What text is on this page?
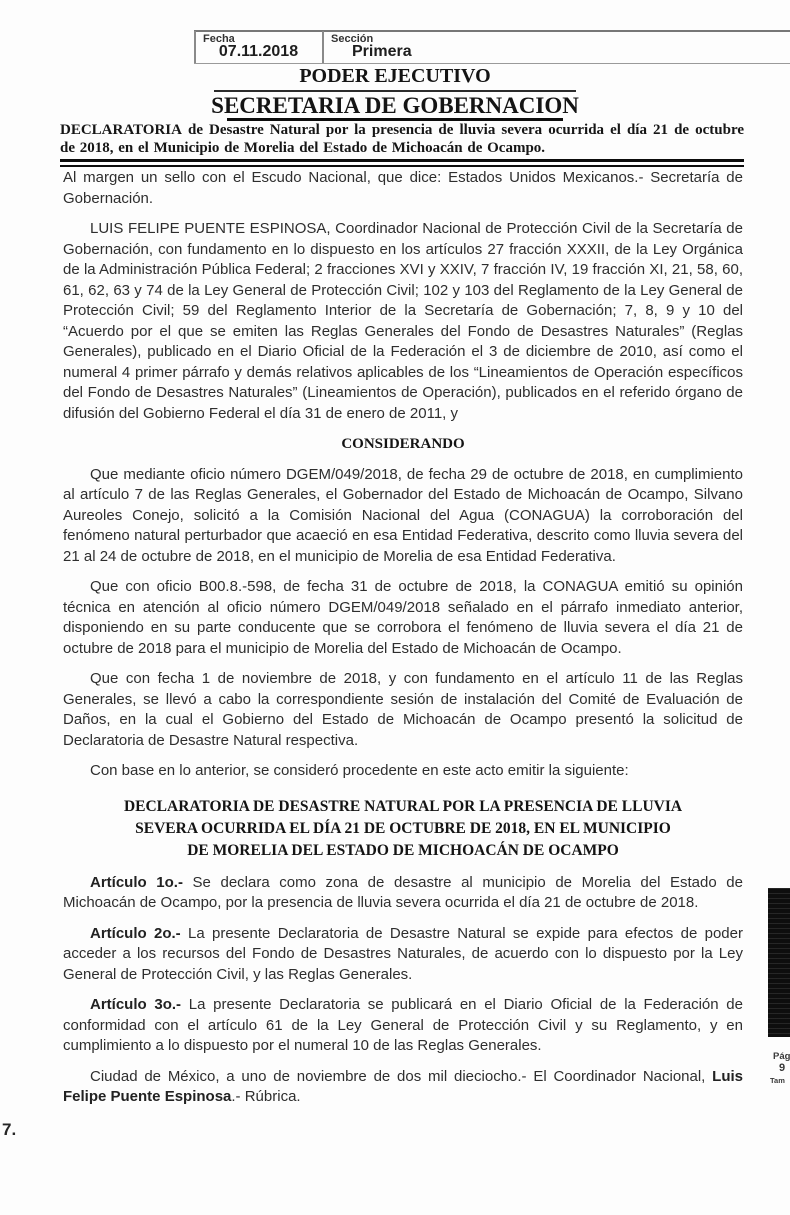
Fecha
07.11.2018
Sección
Primera
PODER EJECUTIVO
SECRETARIA DE GOBERNACION
DECLARATORIA de Desastre Natural por la presencia de lluvia severa ocurrida el día 21 de octubre de 2018, en el Municipio de Morelia del Estado de Michoacán de Ocampo.

Al margen un sello con el Escudo Nacional, que dice: Estados Unidos Mexicanos.- Secretaría de Gobernación.

LUIS FELIPE PUENTE ESPINOSA, Coordinador Nacional de Protección Civil de la Secretaría de Gobernación, con fundamento en lo dispuesto en los artículos 27 fracción XXXII, de la Ley Orgánica de la Administración Pública Federal; 2 fracciones XVI y XXIV, 7 fracción IV, 19 fracción XI, 21, 58, 60, 61, 62, 63 y 74 de la Ley General de Protección Civil; 102 y 103 del Reglamento de la Ley General de Protección Civil; 59 del Reglamento Interior de la Secretaría de Gobernación; 7, 8, 9 y 10 del “Acuerdo por el que se emiten las Reglas Generales del Fondo de Desastres Naturales” (Reglas Generales), publicado en el Diario Oficial de la Federación el 3 de diciembre de 2010, así como el numeral 4 primer párrafo y demás relativos aplicables de los “Lineamientos de Operación específicos del Fondo de Desastres Naturales” (Lineamientos de Operación), publicados en el referido órgano de difusión del Gobierno Federal el día 31 de enero de 2011, y

CONSIDERANDO

Que mediante oficio número DGEM/049/2018, de fecha 29 de octubre de 2018, en cumplimiento al artículo 7 de las Reglas Generales, el Gobernador del Estado de Michoacán de Ocampo, Silvano Aureoles Conejo, solicitó a la Comisión Nacional del Agua (CONAGUA) la corroboración del fenómeno natural perturbador que acaeció en esa Entidad Federativa, descrito como lluvia severa del 21 al 24 de octubre de 2018, en el municipio de Morelia de esa Entidad Federativa.

Que con oficio B00.8.-598, de fecha 31 de octubre de 2018, la CONAGUA emitió su opinión técnica en atención al oficio número DGEM/049/2018 señalado en el párrafo inmediato anterior, disponiendo en su parte conducente que se corrobora el fenómeno de lluvia severa el día 21 de octubre de 2018 para el municipio de Morelia del Estado de Michoacán de Ocampo.

Que con fecha 1 de noviembre de 2018, y con fundamento en el artículo 11 de las Reglas Generales, se llevó a cabo la correspondiente sesión de instalación del Comité de Evaluación de Daños, en la cual el Gobierno del Estado de Michoacán de Ocampo presentó la solicitud de Declaratoria de Desastre Natural respectiva.

Con base en lo anterior, se consideró procedente en este acto emitir la siguiente:

DECLARATORIA DE DESASTRE NATURAL POR LA PRESENCIA DE LLUVIA
SEVERA OCURRIDA EL DÍA 21 DE OCTUBRE DE 2018, EN EL MUNICIPIO
DE MORELIA DEL ESTADO DE MICHOACÁN DE OCAMPO

Artículo 1o.- Se declara como zona de desastre al municipio de Morelia del Estado de Michoacán de Ocampo, por la presencia de lluvia severa ocurrida el día 21 de octubre de 2018.

Artículo 2o.- La presente Declaratoria de Desastre Natural se expide para efectos de poder acceder a los recursos del Fondo de Desastres Naturales, de acuerdo con lo dispuesto por la Ley General de Protección Civil, y las Reglas Generales.

Artículo 3o.- La presente Declaratoria se publicará en el Diario Oficial de la Federación de conformidad con el artículo 61 de la Ley General de Protección Civil y su Reglamento, y en cumplimiento a lo dispuesto por el numeral 10 de las Reglas Generales.

Ciudad de México, a uno de noviembre de dos mil dieciocho.- El Coordinador Nacional, Luis Felipe Puente Espinosa.- Rúbrica.

7.
Pág
9
Tam
